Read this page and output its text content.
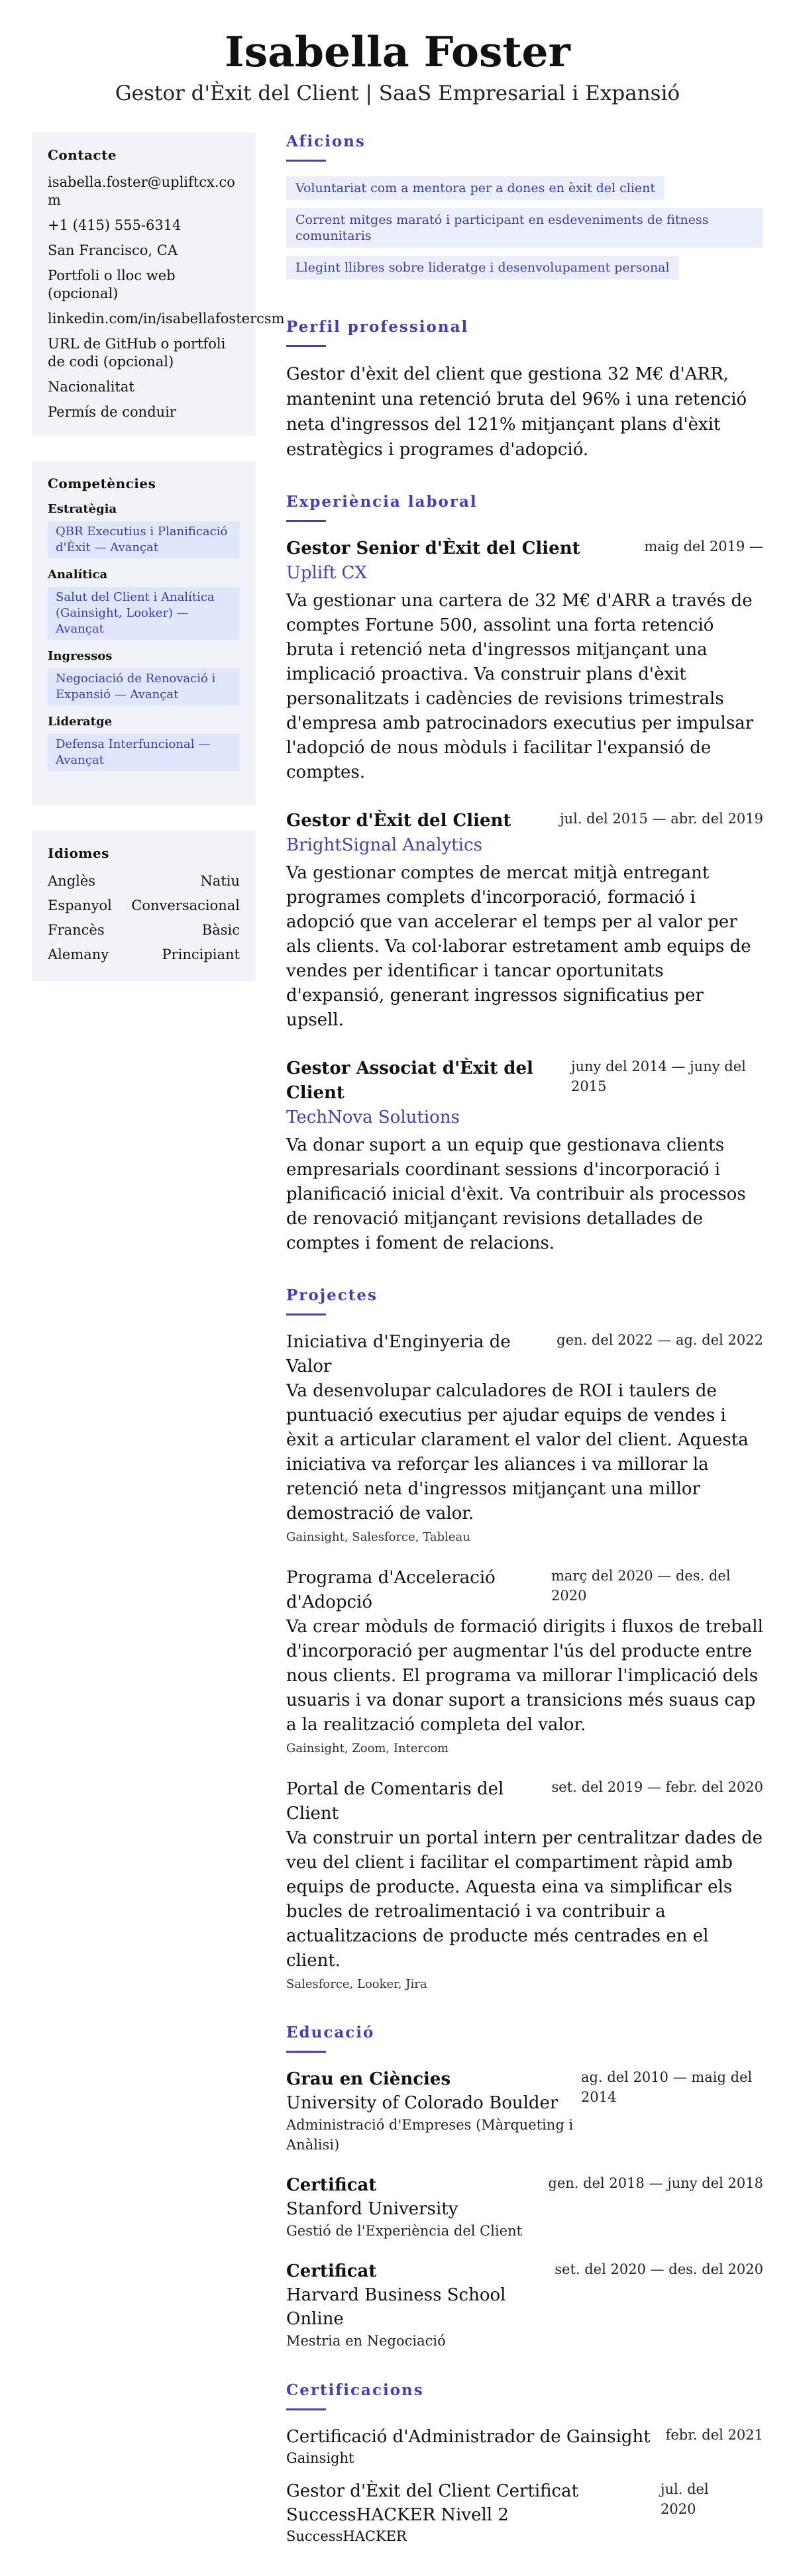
Isabella Foster
Gestor d'Èxit del Client | SaaS Empresarial i Expansió
Contacte
isabella.foster@upliftcx.com
+1 (415) 555-6314
San Francisco, CA
Portfoli o lloc web (opcional)
linkedin.com/in/isabellafostercsm
URL de GitHub o portfoli de codi (opcional)
Nacionalitat
Permís de conduir
Competències
Estratègia
QBR Executius i Planificació d'Èxit — Avançat
Analítica
Salut del Client i Analítica (Gainsight, Looker) — Avançat
Ingressos
Negociació de Renovació i Expansió — Avançat
Lideratge
Defensa Interfuncional — Avançat
Idiomes
Anglès	Natiu
Espanyol Conversacional
Francès	Bàsic
Alemany	Principiant
Aficions
Voluntariat com a mentora per a dones en èxit del client
Corrent mitges marató i participant en esdeveniments de fitness comunitaris
Llegint llibres sobre lideratge i desenvolupament personal
Perfil professional
Gestor d'èxit del client que gestiona 32 M€ d'ARR, mantenint una retenció bruta del 96% i una retenció neta d'ingressos del 121% mitjançant plans d'èxit estratègics i programes d'adopció.
Experiència laboral
Gestor Senior d'Èxit del Client	maig del 2019 —
Uplift CX
Va gestionar una cartera de 32 M€ d'ARR a través de comptes Fortune 500, assolint una forta retenció bruta i retenció neta d'ingressos mitjançant una implicació proactiva. Va construir plans d'èxit personalitzats i cadències de revisions trimestrals d'empresa amb patrocinadors executius per impulsar l'adopció de nous mòduls i facilitar l'expansió de comptes.
Gestor d'Èxit del Client	jul. del 2015 — abr. del 2019
BrightSignal Analytics
Va gestionar comptes de mercat mitjà entregant programes complets d'incorporació, formació i adopció que van accelerar el temps per al valor per als clients. Va col·laborar estretament amb equips de vendes per identificar i tancar oportunitats d'expansió, generant ingressos significatius per upsell.
Gestor Associat d'Èxit del Client
juny del 2014 — juny del 2015
TechNova Solutions
Va donar suport a un equip que gestionava clients empresarials coordinant sessions d'incorporació i planificació inicial d'èxit. Va contribuir als processos de renovació mitjançant revisions detallades de comptes i foment de relacions.
Projectes
Iniciativa d'Enginyeria de Valor
gen. del 2022 — ag. del 2022
Va desenvolupar calculadores de ROI i taulers de puntuació executius per ajudar equips de vendes i èxit a articular clarament el valor del client. Aquesta iniciativa va reforçar les aliances i va millorar la retenció neta d'ingressos mitjançant una millor demostració de valor.
Gainsight, Salesforce, Tableau
Programa d'Acceleració d'Adopció
març del 2020 — des. del 2020
Va crear mòduls de formació dirigits i fluxos de treball d'incorporació per augmentar l'ús del producte entre nous clients. El programa va millorar l'implicació dels usuaris i va donar suport a transicions més suaus cap a la realització completa del valor.
Gainsight, Zoom, Intercom
Portal de Comentaris del Client
set. del 2019 — febr. del 2020
Va construir un portal intern per centralitzar dades de veu del client i facilitar el compartiment ràpid amb equips de producte. Aquesta eina va simplificar els bucles de retroalimentació i va contribuir a actualitzacions de producte més centrades en el client.
Salesforce, Looker, Jira
Educació
Grau en Ciències
University of Colorado Boulder
Administració d'Empreses (Màrqueting i Anàlisi)
ag. del 2010 — maig del 2014
Certificat
Stanford University
Gestió de l'Experiència del Client
gen. del 2018 — juny del 2018
Certificat
Harvard Business School Online
Mestria en Negociació
set. del 2020 — des. del 2020
Certificacions
Certificació d'Administrador de Gainsight
Gainsight
febr. del 2021
Gestor d'Èxit del Client Certificat SuccessHACKER Nivell 2
SuccessHACKER
jul. del 2020
